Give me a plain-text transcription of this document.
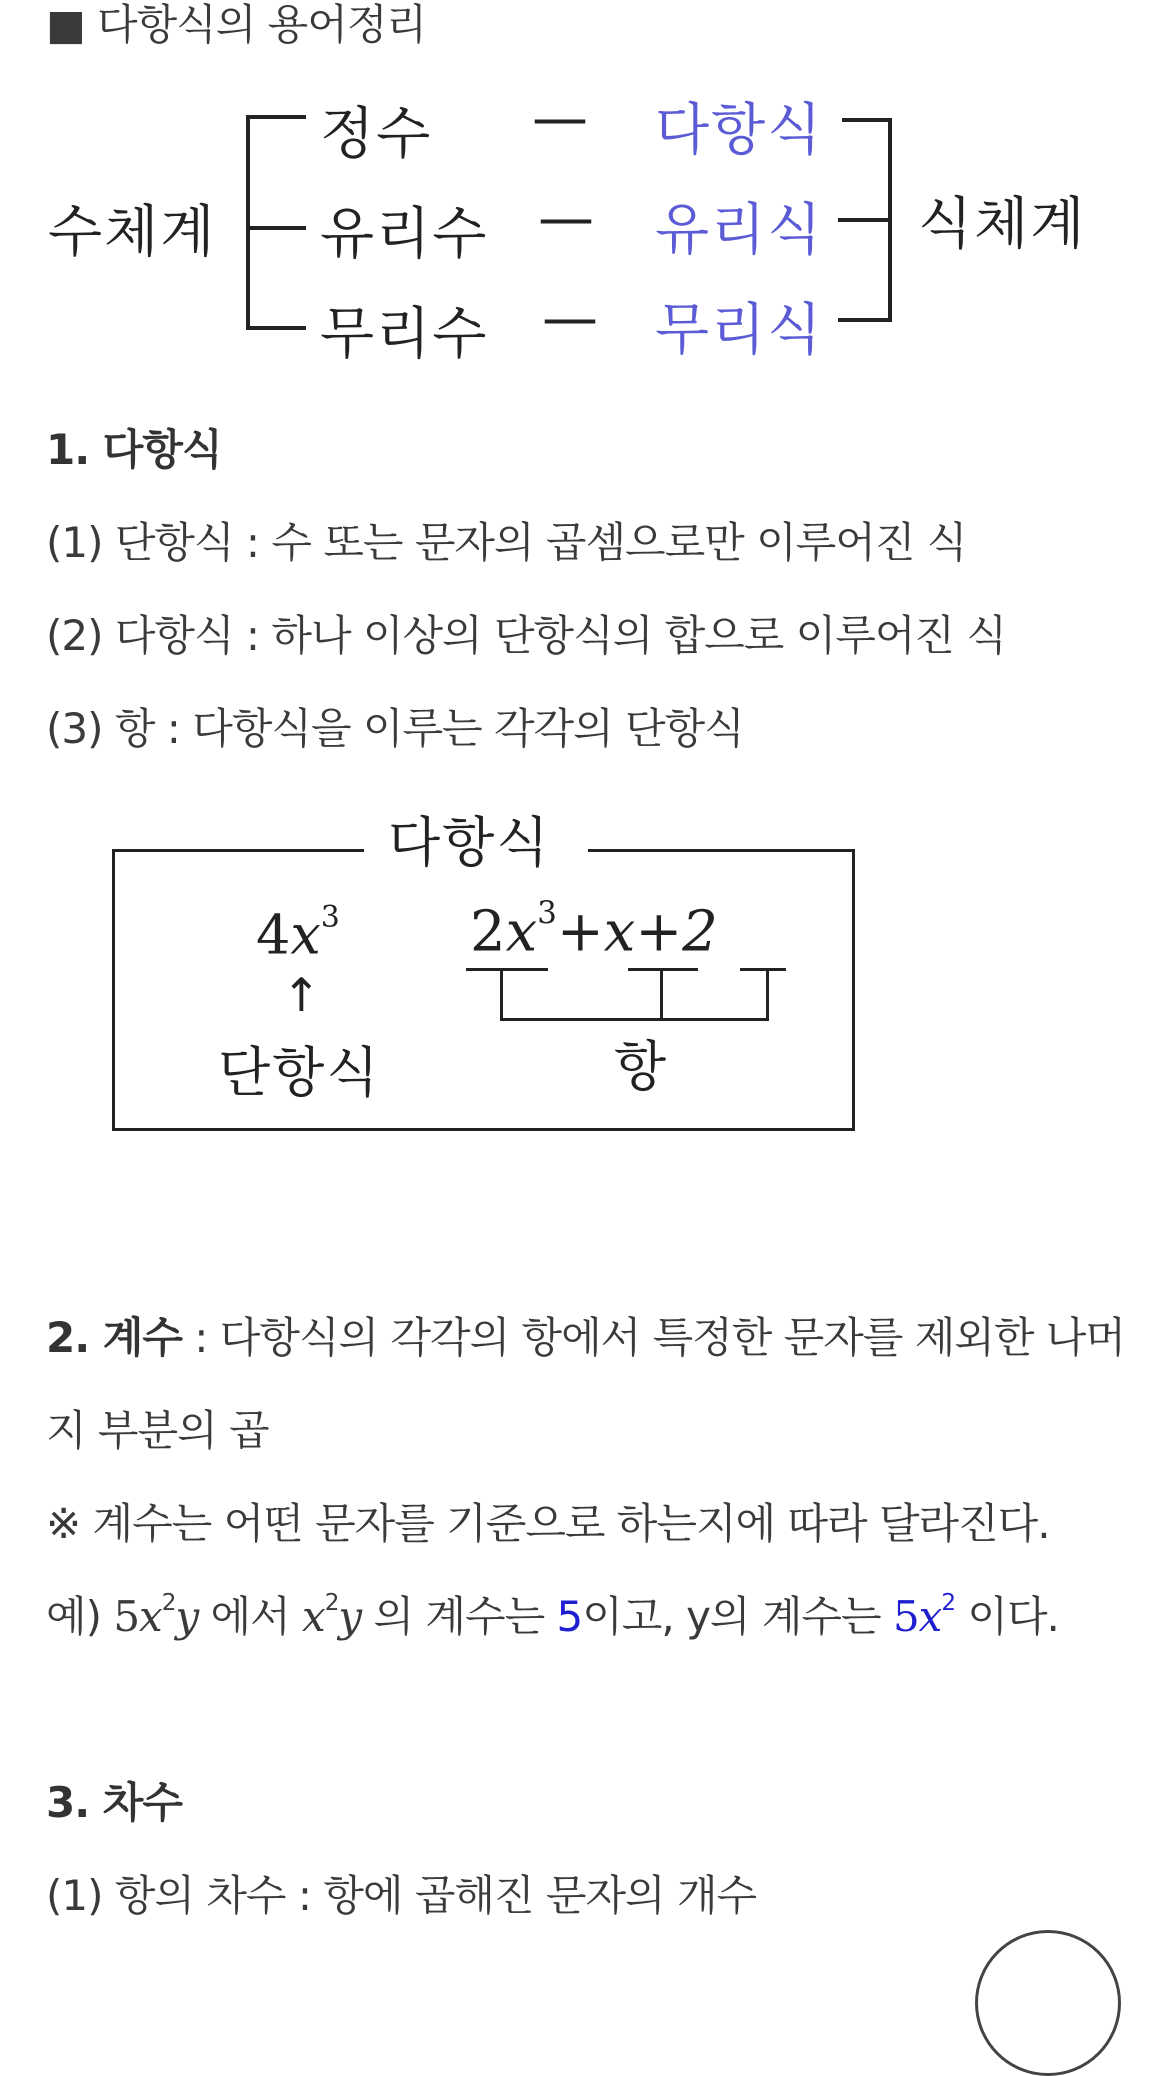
■ 다항식의 용어정리
수체계
정수
유리수
무리수
—
—
—
다항식
유리식
무리식
식체계
1. 다항식
(1) 단항식 : 수 또는 문자의 곱셈으로만 이루어진 식
(2) 다항식 : 하나 이상의 단항식의 합으로 이루어진 식
(3) 항 : 다항식을 이루는 각각의 단항식
다항식
$4x^3$
↑
단항식
$2x^3+x+2$
항
2. 계수 : 다항식의 각각의 항에서 특정한 문자를 제외한 나머
지 부분의 곱
※ 계수는 어떤 문자를 기준으로 하는지에 따라 달라진다.
예) $5x^2y$ 에서 $x^2y$ 의 계수는 5이고, y의 계수는 $5x^2$ 이다.
3. 차수
(1) 항의 차수 : 항에 곱해진 문자의 개수
